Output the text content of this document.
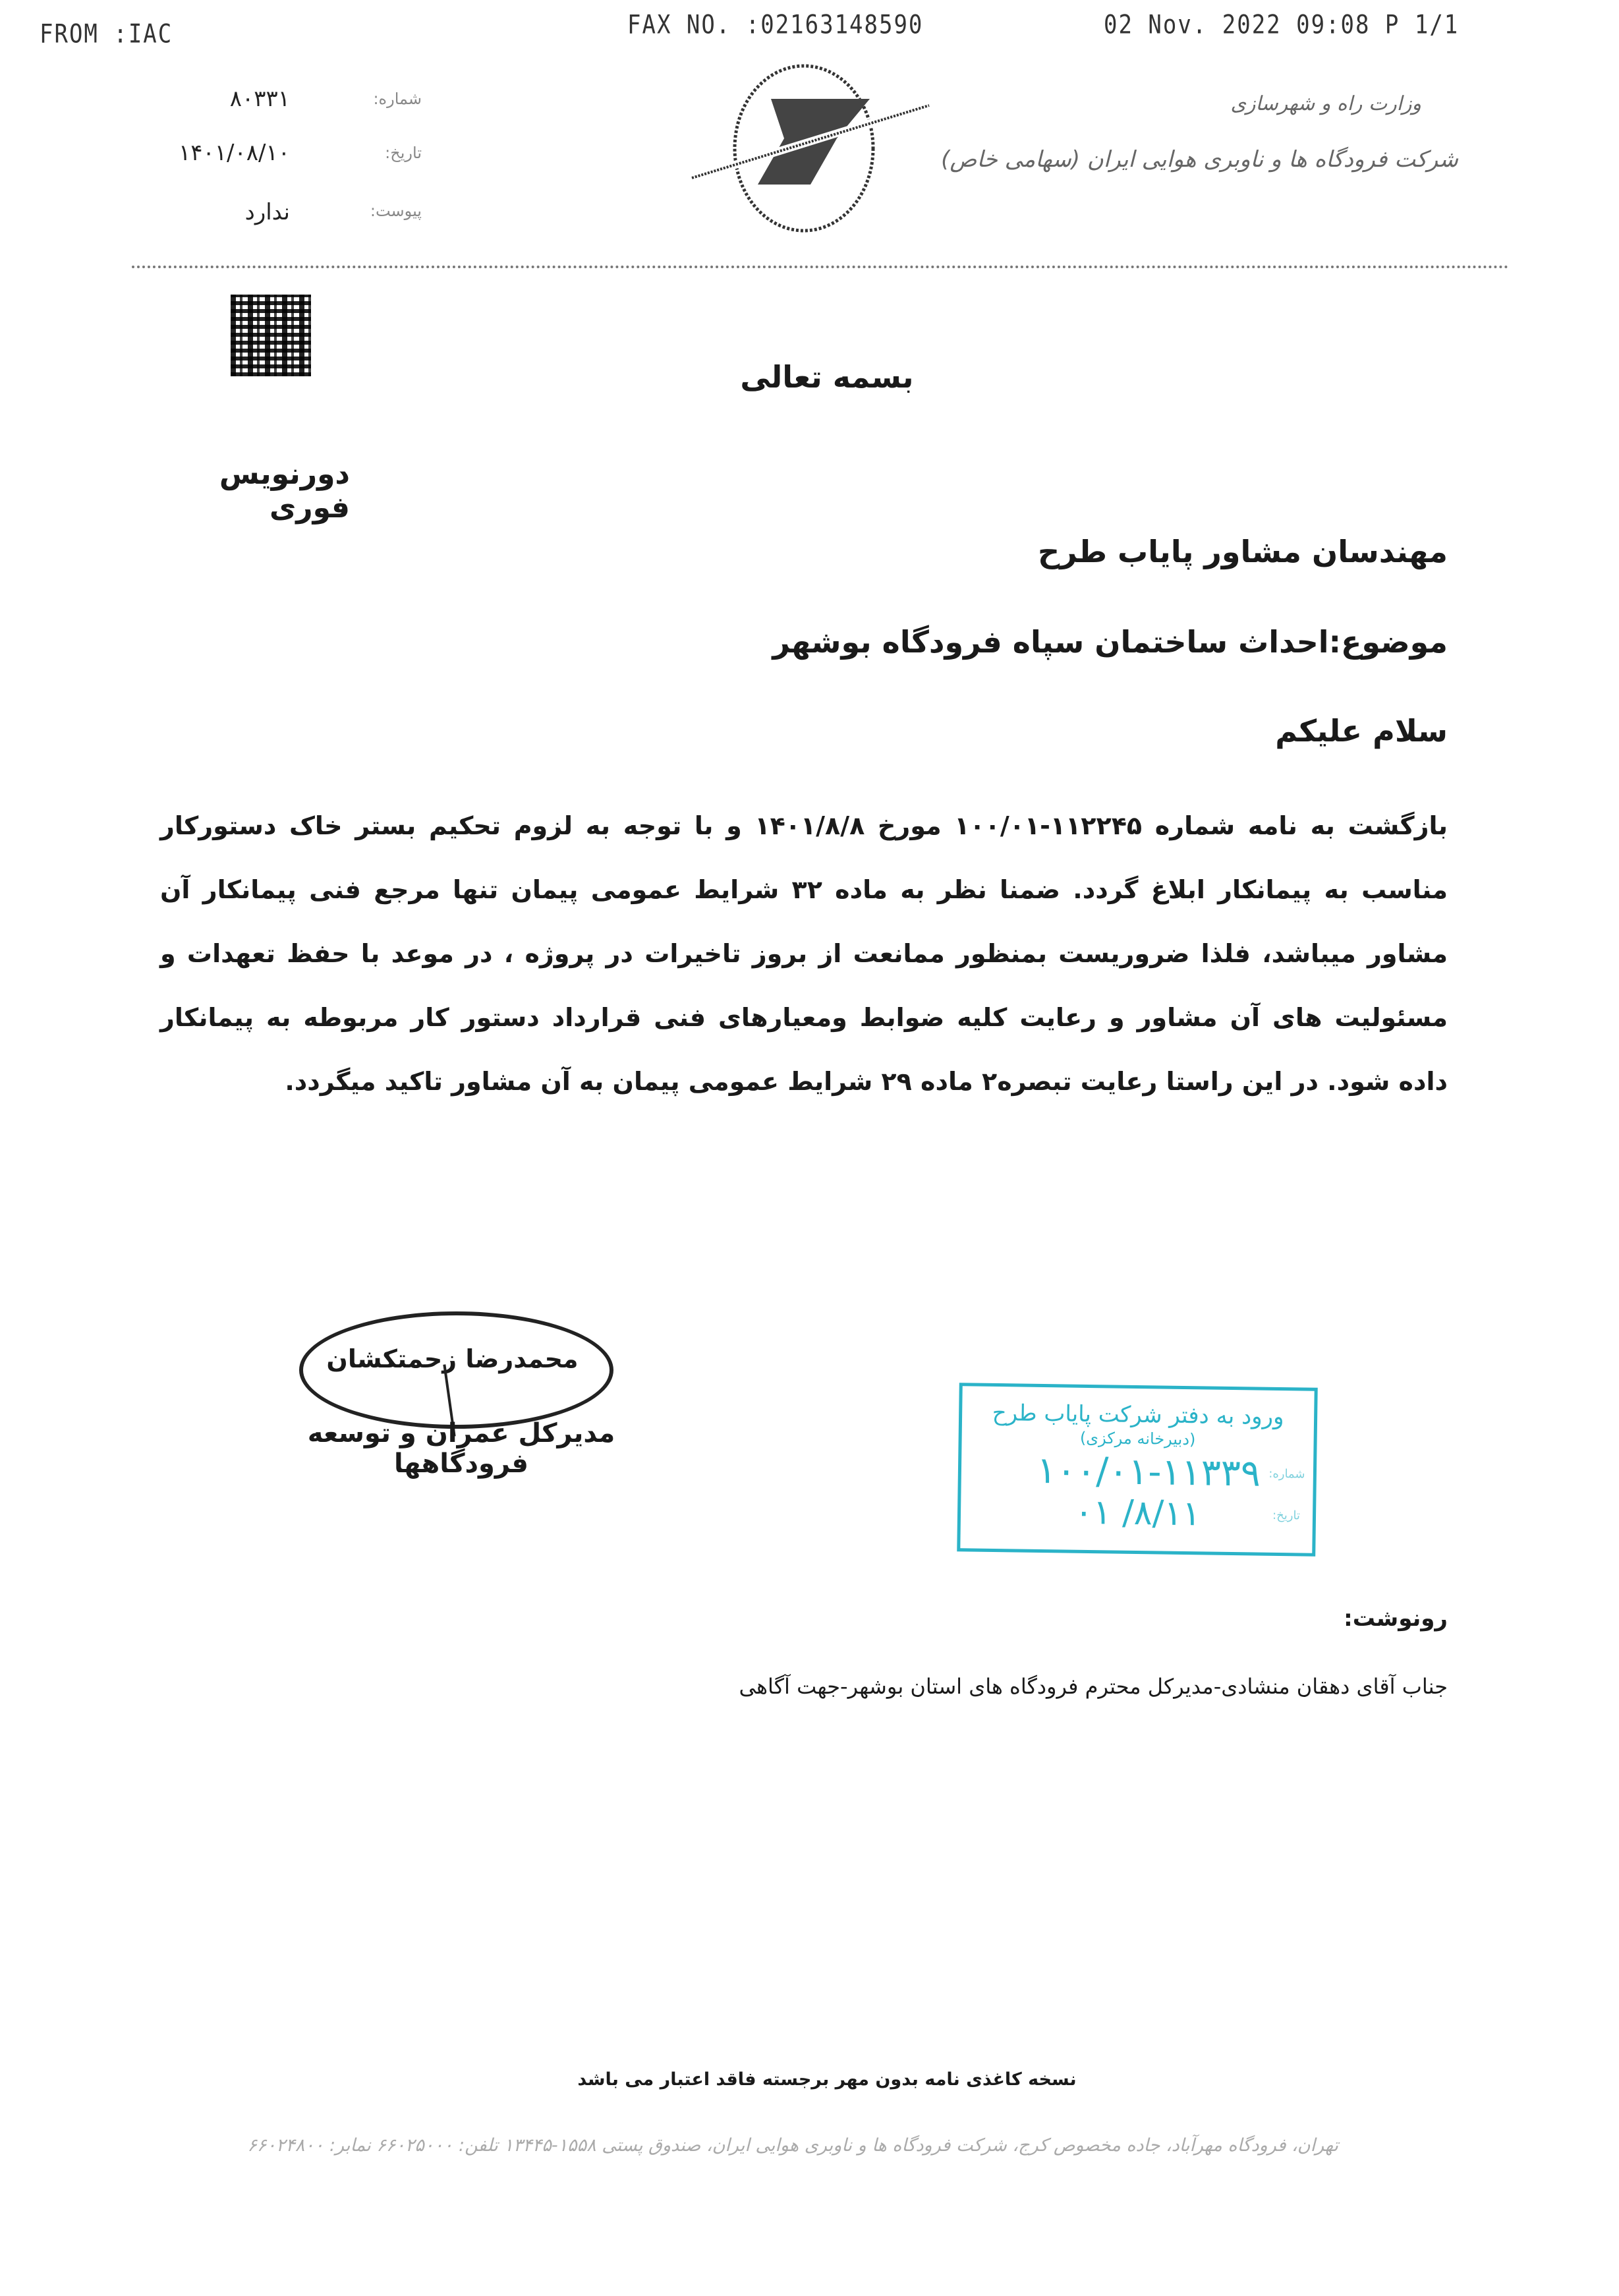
FROM :IAC	FAX NO. :02163148590	02 Nov. 2022 09:08 P 1/1
۸۰۳۳۱	شماره:
۱۴۰۱/۰۸/۱۰	تاریخ:
ندارد	پیوست:
وزارت راه و شهرسازی
شرکت فرودگاه ها و ناوبری هوایی ایران (سهامی خاص)
بسمه تعالی
دورنویس فوری
مهندسان مشاور پایاب طرح
موضوع:احداث ساختمان سپاه فرودگاه بوشهر
سلام علیکم
بازگشت به نامه شماره ۱۱۲۲۴۵-۱۰۰/۰۱ مورخ ۱۴۰۱/۸/۸ و با توجه به لزوم تحکیم بستر خاک دستورکار مناسب به پیمانکار ابلاغ گردد. ضمنا نظر به ماده ۳۲ شرایط عمومی پیمان تنها مرجع فنی پیمانکار آن مشاور میباشد، فلذا ضروریست بمنظور ممانعت از بروز تاخیرات در پروژه ، در موعد با حفظ تعهدات و مسئولیت های آن مشاور و رعایت کلیه ضوابط ومعیارهای فنی قرارداد دستور کار مربوطه به پیمانکار داده شود. در این راستا رعایت تبصره۲ ماده ۲۹ شرایط عمومی پیمان به آن مشاور تاکید میگردد.
محمدرضا زحمتکشان
مدیرکل عمران و توسعه فرودگاهها
ورود به دفتر شرکت پایاب طرح
(دبیرخانه مرکزی)
شماره:
۱۰۰/۰۱-۱۱۳۳۹
تاریخ:
۸/۱۱/ ۰۱
رونوشت:
جناب آقای دهقان منشادی-مدیرکل محترم فرودگاه های استان بوشهر-جهت آگاهی
نسخه کاغذی نامه بدون مهر برجسته فاقد اعتبار می باشد
تهران، فرودگاه مهرآباد، جاده مخصوص کرج، شرکت فرودگاه ها و ناوبری هوایی ایران، صندوق پستی ۱۵۵۸-۱۳۴۴۵ تلفن: ۶۶۰۲۵۰۰۰ نمابر: ۶۶۰۲۴۸۰۰
